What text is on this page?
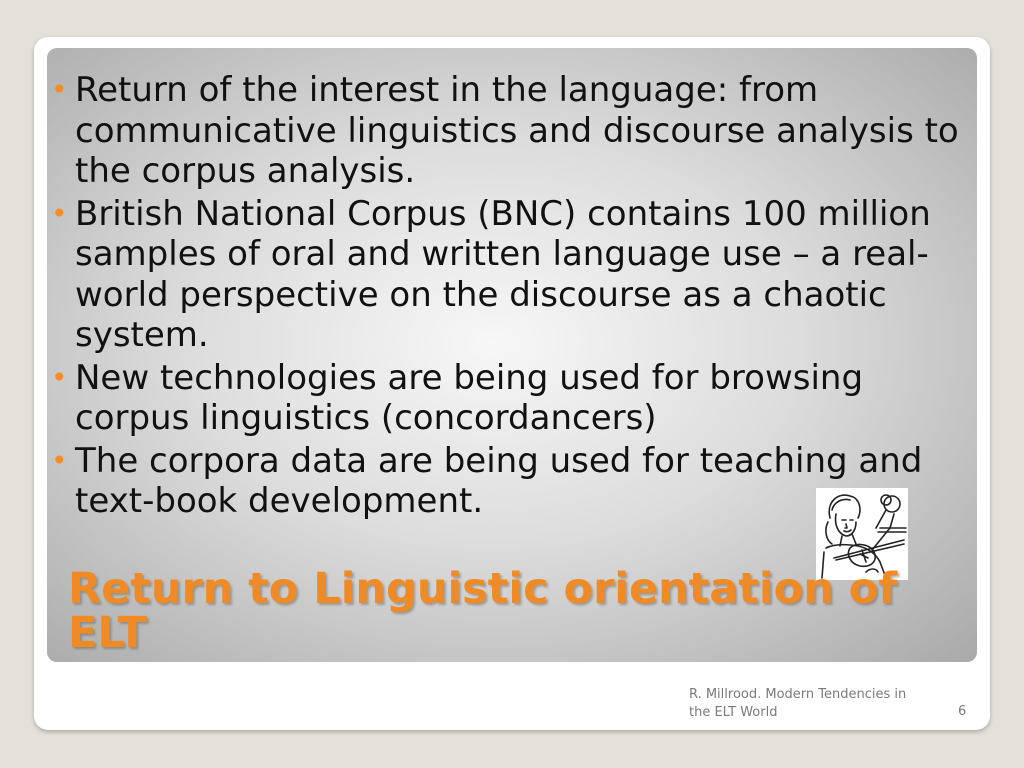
• Return of the interest in the language: from communicative linguistics and discourse analysis to the corpus analysis.
• British National Corpus (BNC) contains 100 million samples of oral and written language use – a real-world perspective on the discourse as a chaotic system.
• New technologies are being used for browsing corpus linguistics (concordancers)
• The corpora data are being used for teaching and text-book development.
Return to Linguistic orientation of ELT
R. Millrood. Modern Tendencies in the ELT World	6
